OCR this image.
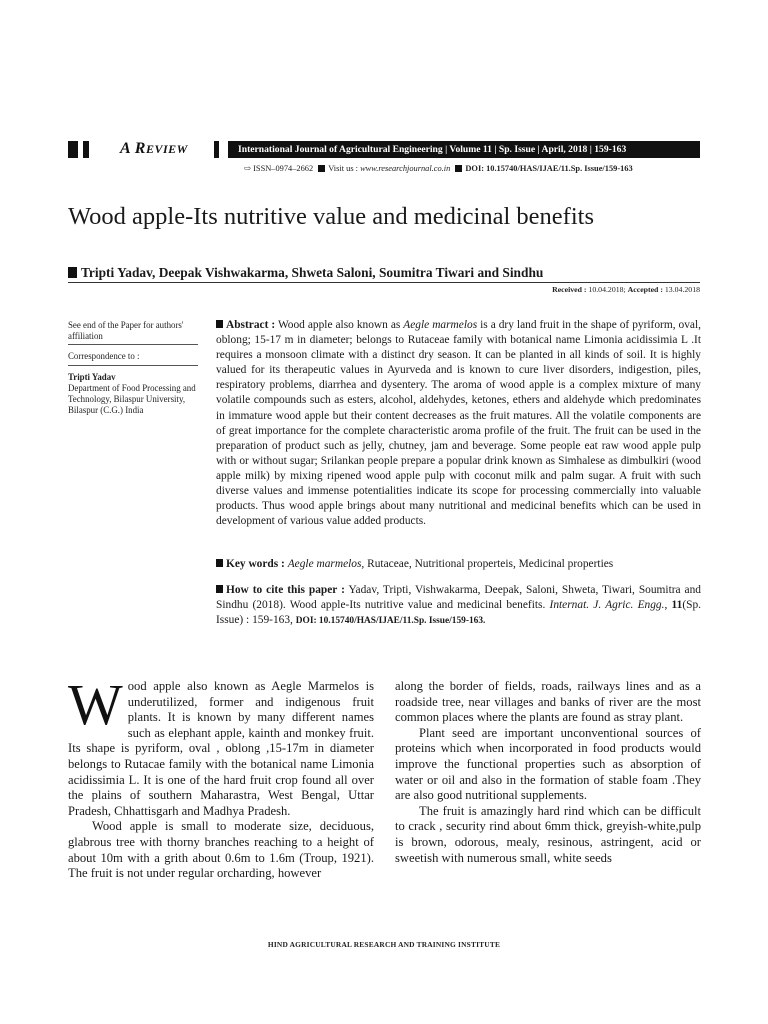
A REVIEW	International Journal of Agricultural Engineering | Volume 11 | Sp. Issue | April, 2018 | 159-163
⇨ ISSN–0974–2662 Visit us : www.researchjournal.co.in DOI: 10.15740/HAS/IJAE/11.Sp. Issue/159-163
Wood apple-Its nutritive value and medicinal benefits
Tripti Yadav, Deepak Vishwakarma, Shweta Saloni, Soumitra Tiwari and Sindhu
Received : 10.04.2018; Accepted : 13.04.2018
See end of the Paper for authors' affiliation
Correspondence to :
Tripti Yadav
Department of Food Processing and Technology, Bilaspur University, Bilaspur (C.G.) India
Abstract : Wood apple also known as Aegle marmelos is a dry land fruit in the shape of pyriform, oval, oblong; 15-17 m in diameter; belongs to Rutaceae family with botanical name Limonia acidissimia L .It requires a monsoon climate with a distinct dry season. It can be planted in all kinds of soil. It is highly valued for its therapeutic values in Ayurveda and is known to cure liver disorders, indigestion, piles, respiratory problems, diarrhea and dysentery. The aroma of wood apple is a complex mixture of many volatile compounds such as esters, alcohol, aldehydes, ketones, ethers and aldehyde which predominates in immature wood apple but their content decreases as the fruit matures. All the volatile components are of great importance for the complete characteristic aroma profile of the fruit. The fruit can be used in the preparation of product such as jelly, chutney, jam and beverage. Some people eat raw wood apple pulp with or without sugar; Srilankan people prepare a popular drink known as Simhalese as dimbulkiri (wood apple milk) by mixing ripened wood apple pulp with coconut milk and palm sugar. A fruit with such diverse values and immense potentialities indicate its scope for processing commercially into valuable products. Thus wood apple brings about many nutritional and medicinal benefits which can be used in development of various value added products.
Key words : Aegle marmelos, Rutaceae, Nutritional properteis, Medicinal properties
How to cite this paper : Yadav, Tripti, Vishwakarma, Deepak, Saloni, Shweta, Tiwari, Soumitra and Sindhu (2018). Wood apple-Its nutritive value and medicinal benefits. Internat. J. Agric. Engg., 11(Sp. Issue) : 159-163, DOI: 10.15740/HAS/IJAE/11.Sp. Issue/159-163.

Wood apple also known as Aegle Marmelos is underutilized, former and indigenous fruit plants. It is known by many different names such as elephant apple, kainth and monkey fruit. Its shape is pyriform, oval , oblong ,15-17m in diameter belongs to Rutacae family with the botanical name Limonia acidissimia L. It is one of the hard fruit crop found all over the plains of southern Maharastra, West Bengal, Uttar Pradesh, Chhattisgarh and Madhya Pradesh.

Wood apple is small to moderate size, deciduous, glabrous tree with thorny branches reaching to a height of about 10m with a grith about 0.6m to 1.6m (Troup, 1921). The fruit is not under regular orcharding, however

along the border of fields, roads, railways lines and as a roadside tree, near villages and banks of river are the most common places where the plants are found as stray plant.

Plant seed are important unconventional sources of proteins which when incorporated in food products would improve the functional properties such as absorption of water or oil and also in the formation of stable foam .They are also good nutritional supplements.

The fruit is amazingly hard rind which can be difficult to crack , security rind about 6mm thick, greyish-white,pulp is brown, odorous, mealy, resinous, astringent, acid or sweetish with numerous small, white seeds

HIND AGRICULTURAL RESEARCH AND TRAINING INSTITUTE
